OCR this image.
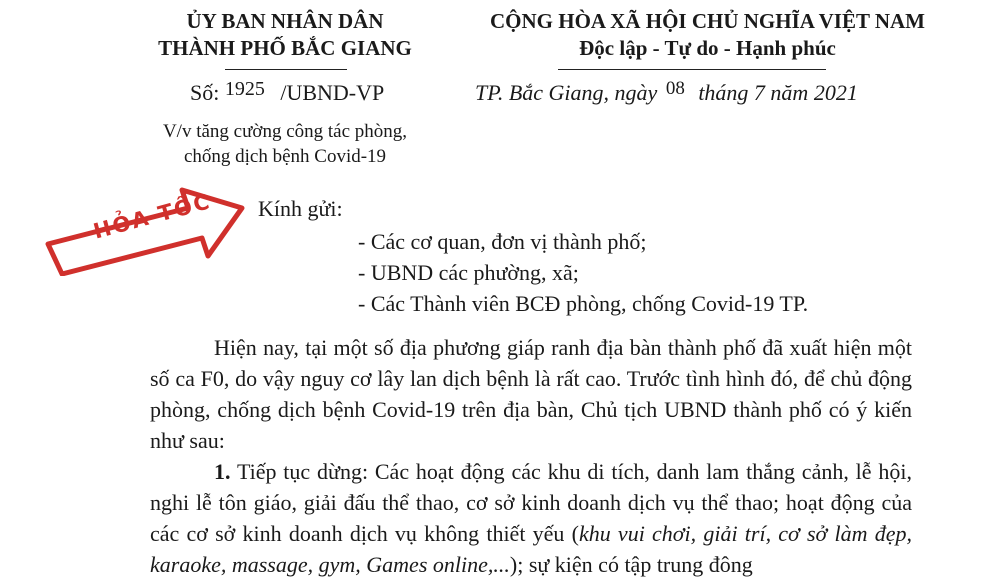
ỦY BAN NHÂN DÂN
THÀNH PHỐ BẮC GIANG
CỘNG HÒA XÃ HỘI CHỦ NGHĨA VIỆT NAM
Độc lập - Tự do - Hạnh phúc
Số: 1925 /UBND-VP	TP. Bắc Giang, ngày 08 tháng 7 năm 2021
V/v tăng cường công tác phòng,
chống dịch bệnh Covid-19
HỎA TỐC Kính gửi:
- Các cơ quan, đơn vị thành phố;
- UBND các phường, xã;
- Các Thành viên BCĐ phòng, chống Covid-19 TP.

Hiện nay, tại một số địa phương giáp ranh địa bàn thành phố đã xuất hiện một số ca F0, do vậy nguy cơ lây lan dịch bệnh là rất cao. Trước tình hình đó, để chủ động phòng, chống dịch bệnh Covid-19 trên địa bàn, Chủ tịch UBND thành phố có ý kiến như sau:

1. Tiếp tục dừng: Các hoạt động các khu di tích, danh lam thắng cảnh, lễ hội, nghi lễ tôn giáo, giải đấu thể thao, cơ sở kinh doanh dịch vụ thể thao; hoạt động của các cơ sở kinh doanh dịch vụ không thiết yếu (khu vui chơi, giải trí, cơ sở làm đẹp, karaoke, massage, gym, Games online,...); sự kiện có tập trung đông
